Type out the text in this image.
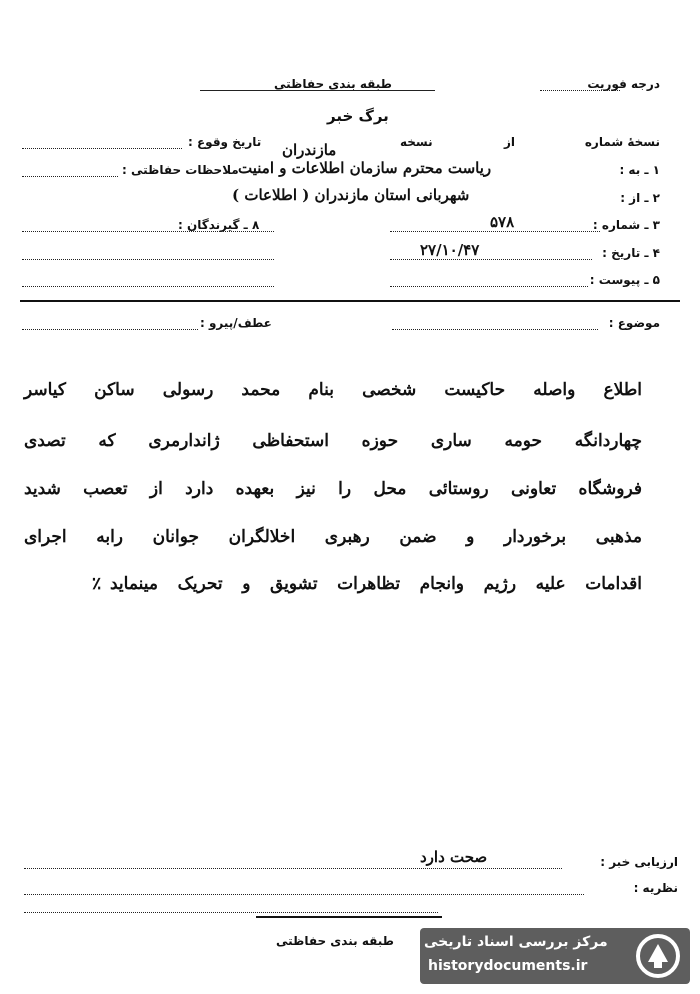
طبقه بندی حفاظتی	درجه فوریت
برگ خبر
نسخهٔ شماره
از
نسخه
تاریخ وقوع : مازندران
۱ ـ به :
ریاست محترم سازمان اطلاعات و امنیت
ملاحظات حفاظتی :
۲ ـ از :
شهربانی استان مازندران ( اطلاعات )
۳ ـ شماره :
۵۷۸
۸ ـ گیرندگان :
۴ ـ تاریخ :
۲۷/۱۰/۴۷
۵ ـ پیوست :
موضوع :
عطف/پیرو :
اطلاع واصله حاکیست شخصی بنام محمد رسولی ساکن کیاسر
چهاردانگه حومه ساری حوزه استحفاظی ژاندارمری که تصدی
فروشگاه تعاونی روستائی محل را نیز بعهده دارد از تعصب شدید
مذهبی برخوردار و ضمن رهبری اخلالگران جوانان رابه اجرای
اقدامات علیه رژیم وانجام تظاهرات تشویق و تحریک مینماید
٪
ارزیابی خبر :
صحت دارد
نظریه :
طبقه بندی حفاظتی مرکز بررسی اسناد تاریخی
historydocuments.ir
